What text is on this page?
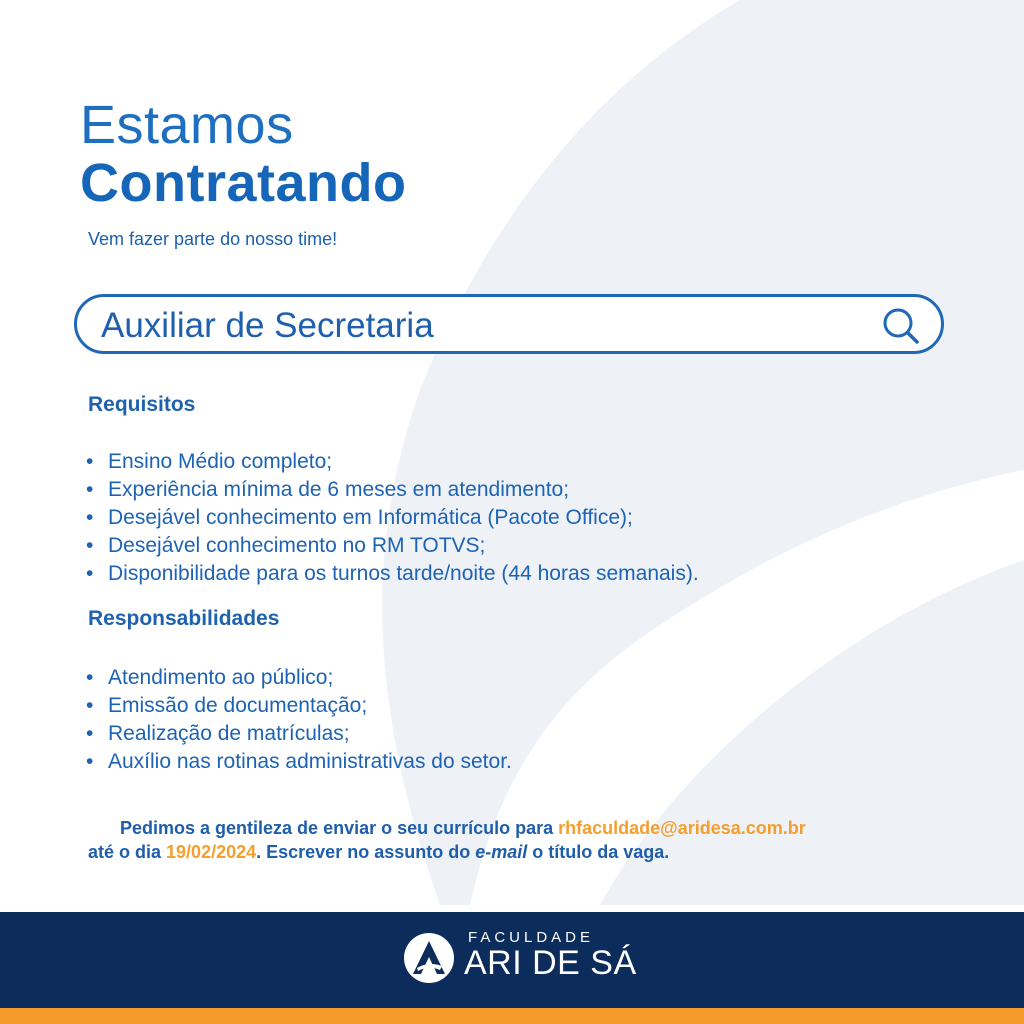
Estamos
Contratando
Vem fazer parte do nosso time!
Auxiliar de Secretaria
Requisitos
• Ensino Médio completo;
• Experiência mínima de 6 meses em atendimento;
• Desejável conhecimento em Informática (Pacote Office);
• Desejável conhecimento no RM TOTVS;
• Disponibilidade para os turnos tarde/noite (44 horas semanais).
Responsabilidades
• Atendimento ao público;
• Emissão de documentação;
• Realização de matrículas;
• Auxílio nas rotinas administrativas do setor.
Pedimos a gentileza de enviar o seu currículo para rhfaculdade@aridesa.com.br
até o dia 19/02/2024. Escrever no assunto do e-mail o título da vaga.
FACULDADE
ARI DE SÁ
